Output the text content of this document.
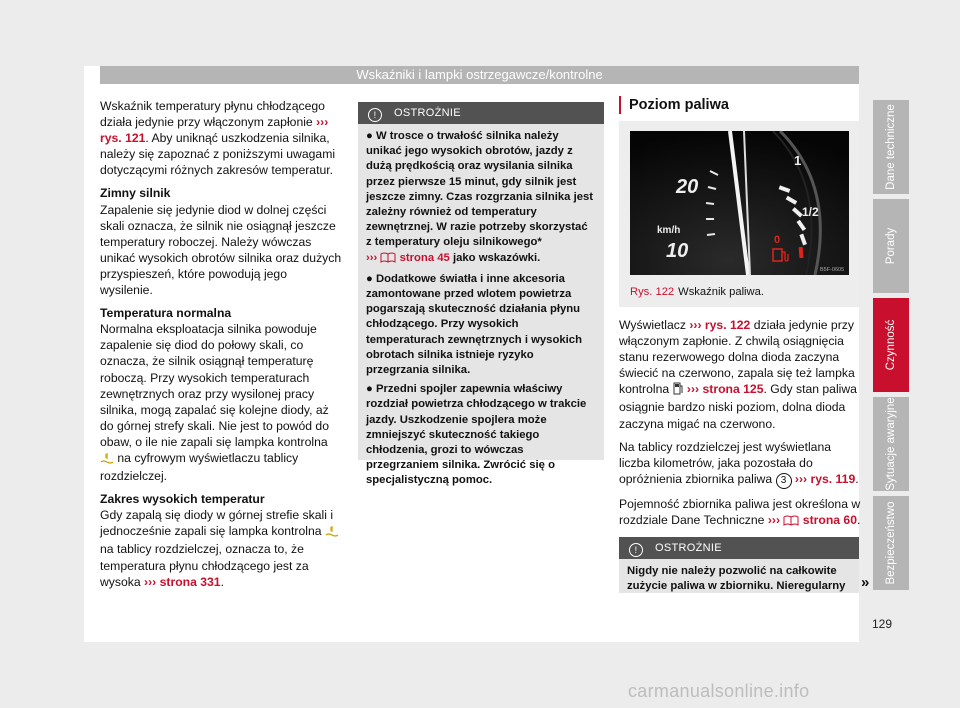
Wskaźniki i lampki ostrzegawcze/kontrolne

Wskaźnik temperatury płynu chłodzącego działa jedynie przy włączonym zapłonie ››› rys. 121. Aby uniknąć uszkodzenia silnika, należy się zapoznać z poniższymi uwagami dotyczącymi różnych zakresów temperatur.

Zimny silnik

Zapalenie się jedynie diod w dolnej części skali oznacza, że silnik nie osiągnął jeszcze temperatury roboczej. Należy wówczas unikać wysokich obrotów silnika oraz dużych przyspieszeń, które powodują jego wysilenie.

Temperatura normalna

Normalna eksploatacja silnika powoduje zapalenie się diod do połowy skali, co oznacza, że silnik osiągnął temperaturę roboczą. Przy wysokich temperaturach zewnętrznych oraz przy wysilonej pracy silnika, mogą zapalać się kolejne diody, aż do górnej strefy skali. Nie jest to powód do obaw, o ile nie zapali się lampka kontrolna  na cyfrowym wyświetlaczu tablicy rozdzielczej.

Zakres wysokich temperatur

Gdy zapalą się diody w górnej strefie skali i jednocześnie zapali się lampka kontrolna  na tablicy rozdzielczej, oznacza to, że temperatura płynu chłodzącego jest za wysoka ››› strona 331.

! OSTROŻNIE

● W trosce o trwałość silnika należy unikać jego wysokich obrotów, jazdy z dużą prędkością oraz wysilania silnika przez pierwsze 15 minut, gdy silnik jest jeszcze zimny. Czas rozgrzania silnika jest zależny również od temperatury zewnętrznej. W razie potrzeby skorzystać z temperatury oleju silnikowego*
››› strona 45 jako wskazówki.

● Dodatkowe światła i inne akcesoria zamontowane przed wlotem powietrza pogarszają skuteczność działania płynu chłodzącego. Przy wysokich temperaturach zewnętrznych i wysokich obrotach silnika istnieje ryzyko przegrzania silnika.

● Przedni spojler zapewnia właściwy rozdział powietrza chłodzącego w trakcie jazdy. Uszkodzenie spojlera może zmniejszyć skuteczność takiego chłodzenia, grozi to wówczas przegrzaniem silnika. Zwrócić się o specjalistyczną pomoc.

Poziom paliwa
km/h
10
20
1
1/2
0
B5F-0605
Rys. 122 Wskaźnik paliwa.

Wyświetlacz ››› rys. 122 działa jedynie przy włączonym zapłonie. Z chwilą osiągnięcia stanu rezerwowego dolna dioda zaczyna świecić na czerwono, zapala się też lampka kontrolna ››› strona 125. Gdy stan paliwa osiągnie bardzo niski poziom, dolna dioda zaczyna migać na czerwono.

Na tablicy rozdzielczej jest wyświetlana liczba kilometrów, jaka pozostała do opróżnienia zbiornika paliwa 3 ››› rys. 119.

Pojemność zbiornika paliwa jest określona w rozdziale Dane Techniczne ››› strona 60.

! OSTROŻNIE

Nigdy nie należy pozwolić na całkowite zużycie paliwa w zbiorniku. Nieregularny	»
Dane techniczne
Porady
Czynność
Sytuacje awaryjne
Bezpieczeństwo
129
carmanualsonline.info
